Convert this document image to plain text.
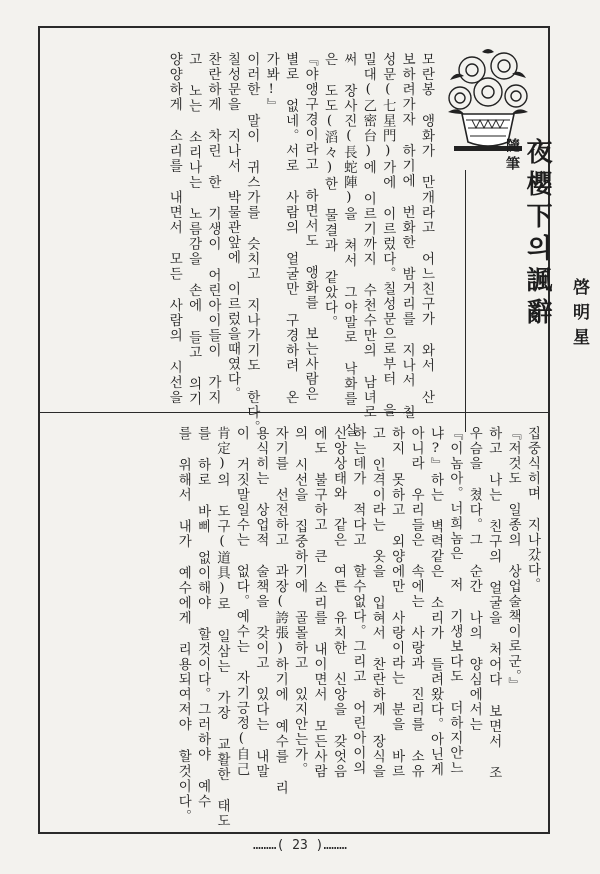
隨筆 夜櫻下의諷辭 啓明星
모란봉 앵화가 만개라고 어느친구가 와서 산
보하려가자 하기에 번화한 밤거리를 지나서 칠
성문(七星門)가에 이르렀다。칠성문으로부터 을
밀대(乙密台)에 이르기까지 수천수만의 남녀로
써 장사진(長蛇陣)을 쳐서 그야말로 낙화를 실
은 도도(滔々)한 물결과 같았다。
『야앵구경이라고 하면서도 앵화를 보는사람은
별로 없네。서로 사람의 얼굴만 구경하려 온
가봐!』
이러한 말이 귀스가를 슷치고 지나가기도 한다。
칠성문을 지나서 박물관앞에 이르렀을때였다。
찬란하게 차린 한 기생이 어린아이들이 가지
고 노는 소리나는 노름감을 손에 들고 의기
양양하게 소리를 내면서 모든 사람의 시선을
집중식히며 지나갔다。
『저것도 일종의 상업술책이로군。』
하고 나는 친구의 얼굴을 처어다 보면서 조
우슴을 쳤다。그 순간 나의 양심에서는
『이놈아。너희놈은 저 기생보다도 더하지안느
냐?』하는 벽력같은 소리가 들려왔다。아닌게
아니라 우리들은 속에는 사랑과 진리를 소유
하지 못하고 외양에만 사랑이라는 분을 바르
고 인격이라는 옷을 입혀서 찬란하게 장식을
하는데가 적다고 할수없다。그리고 어린아이의
신앙상태와 같은 여튼 유치한 신앙을 갖엇음
에도 불구하고 큰 소리를 내이면서 모든사람
의 시선을 집중하기에 골몰하고 있지안는가。
자기를 선전하고 과장(誇張)하기에 예수를 리
용식히는 상업적 술책을 갖이고 있다는 내말
이 거짓말일수는 없다。예수는 자기긍정(自己
肯定)의 도구(道具)로 일삼는 가장 교활한 태도
를 하로 바삐 없이해야 할것이다。그러하야 예수
를 위해서 내가 예수에게 리용되여저야 할것이다。
………( 23 )………
